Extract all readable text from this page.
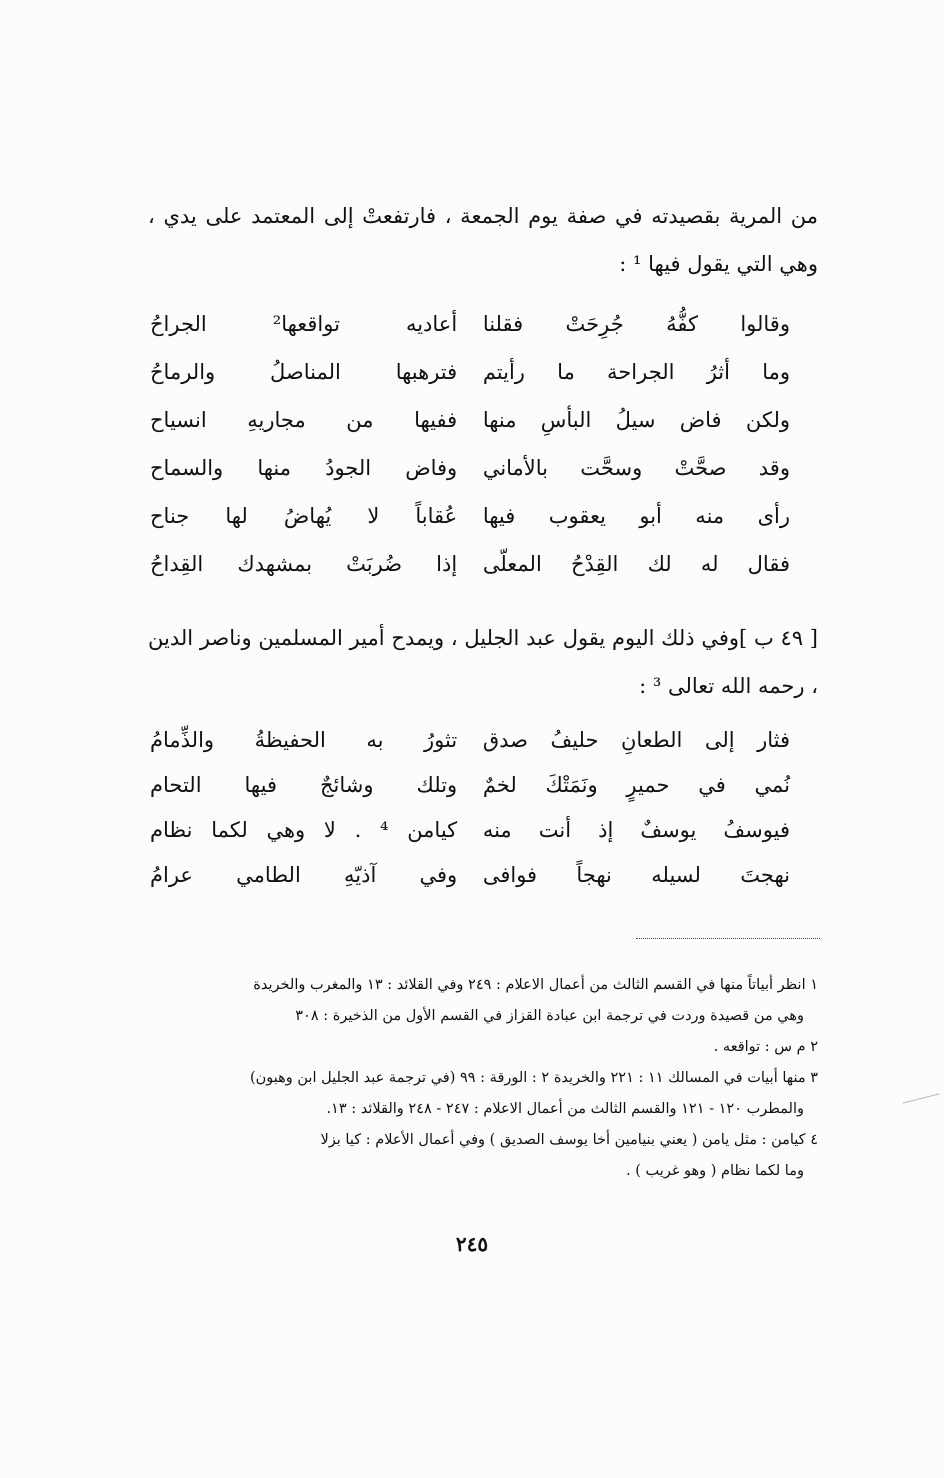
من المرية بقصيدته في صفة يوم الجمعة ، فارتفعتْ إلى المعتمد على يدي ، وهي التي يقول فيها ¹ :

وقالوا كفُّهُ جُرِحَتْ فقلنا
أعاديه تواقعها² الجراحُ
وما أثرُ الجراحة ما رأيتم
فترهبها المناصلُ والرماحُ
ولكن فاض سيلُ البأسِ منها
ففيها من مجاريهِ انسياح
وقد صحَّتْ وسحَّت بالأماني
وفاض الجودُ منها والسماح
رأى منه أبو يعقوب فيها
عُقاباً لا يُهاضُ لها جناح
فقال له لك القِدْحُ المعلّى
إذا ضُربَتْ بمشهدك القِداحُ

[ ٤٩ ب ]وفي ذلك اليوم يقول عبد الجليل ، ويمدح أمير المسلمين وناصر الدين ، رحمه الله تعالى ³ :

فثار إلى الطعانِ حليفُ صدق
تثورُ به الحفيظةُ والذِّمامُ
نُمي في حميرٍ ونَمَتْكَ لخمٌ
وتلك وشائجٌ فيها التحام
فيوسفُ يوسفٌ إذ أنت منه
كيامن ⁴ . لا وهي لكما نظام
نهجتَ لسيله نهجاً فوافى
وفي آذيّهِ الطامي عرامُ

١ انظر أبياتاً منها في القسم الثالث من أعمال الاعلام : ٢٤٩ وفي القلائد : ١٣ والمغرب والخريدة

وهي من قصيدة وردت في ترجمة ابن عبادة القزاز في القسم الأول من الذخيرة : ٣٠٨

٢ م س : تواقعه .

٣ منها أبيات في المسالك ١١ : ٢٢١ والخريدة ٢ : الورقة : ٩٩ (في ترجمة عبد الجليل ابن وهبون)

والمطرب ١٢٠ - ١٢١ والقسم الثالث من أعمال الاعلام : ٢٤٧ - ٢٤٨ والقلائد : ١٣.

٤ كيامن : مثل يامن ( يعني بنيامين أخا يوسف الصديق ) وفي أعمال الأعلام : كيا بزلا

وما لكما نظام ( وهو غريب ) .

٢٤٥
